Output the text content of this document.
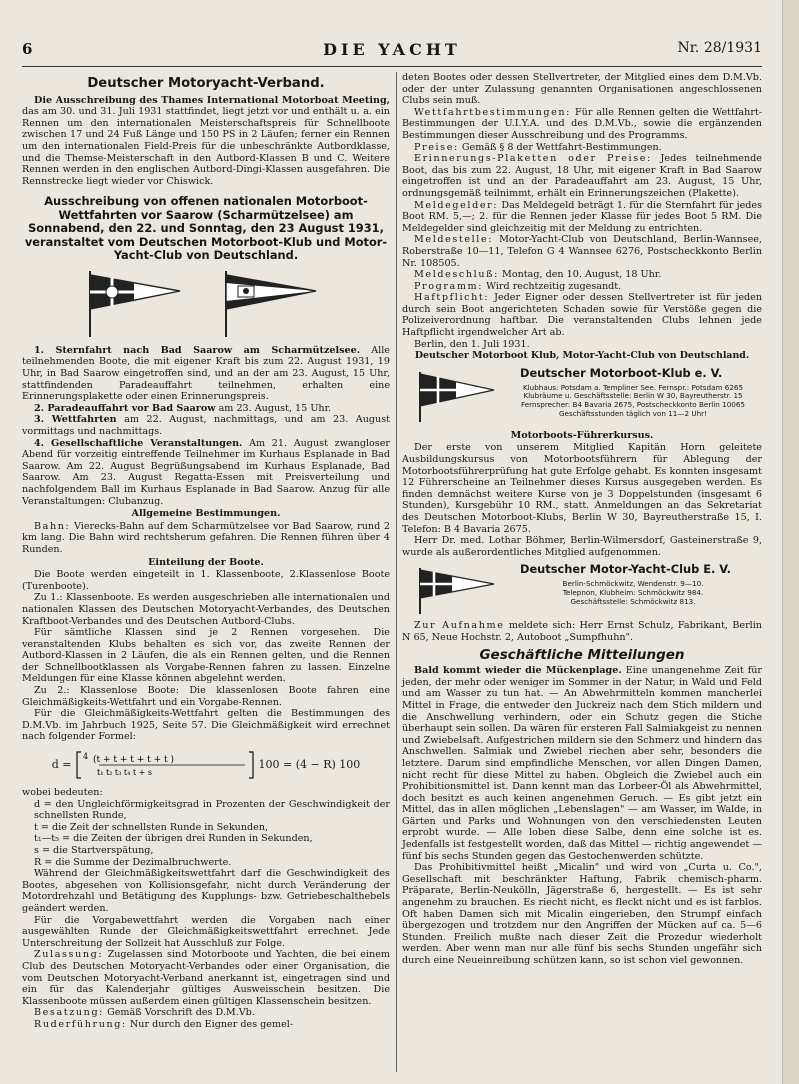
6	DIE YACHT	Nr. 28/1931
Deutscher Motoryacht-Verband.

Die Ausschreibung des Thames International Motorboat Meeting, das am 30. und 31. Juli 1931 stattfindet, liegt jetzt vor und enthält u. a. ein Rennen um den internationalen Meisterschaftspreis für Schnellboote zwischen 17 und 24 Fuß Länge und 150 PS in 2 Läufen; ferner ein Rennen um den internationalen Field-Preis für die unbeschränkte Autbordklasse, und die Themse-Meisterschaft in den Autbord-Klassen B und C. Weitere Rennen werden in den englischen Autbord-Dingi-Klassen ausgefahren. Die Rennstrecke liegt wieder vor Chiswick.

Ausschreibung von offenen nationalen Motorboot-Wettfahrten vor Saarow (Scharmützelsee) am Sonnabend, den 22. und Sonntag, den 23 August 1931, veranstaltet vom Deutschen Motorboot-Klub und Motor-Yacht-Club von Deutschland.

1. Sternfahrt nach Bad Saarow am Scharmützelsee. Alle teilnehmenden Boote, die mit eigener Kraft bis zum 22. August 1931, 19 Uhr, in Bad Saarow eingetroffen sind, und an der am 23. August, 15 Uhr, stattfindenden Paradeauffahrt teilnehmen, erhalten eine Erinnerungsplakette oder einen Erinnerungspreis.

2. Paradeauffahrt vor Bad Saarow am 23. August, 15 Uhr.

3. Wettfahrten am 22. August, nachmittags, und am 23. August vormittags und nachmittags.

4. Gesellschaftliche Veranstaltungen. Am 21. August zwangloser Abend für vorzeitig eintreffende Teilnehmer im Kurhaus Esplanade in Bad Saarow. Am 22. August Begrüßungsabend im Kurhaus Esplanade, Bad Saarow. Am 23. August Regatta-Essen mit Preisverteilung und nachfolgendem Ball im Kurhaus Esplanade in Bad Saarow. Anzug für alle Veranstaltungen: Clubanzug.

Allgemeine Bestimmungen.

Bahn: Vierecks-Bahn auf dem Scharmützelsee vor Bad Saarow, rund 2 km lang. Die Bahn wird rechtsherum gefahren. Die Rennen führen über 4 Runden.

Einteilung der Boote.

Die Boote werden eingeteilt in 1. Klassenboote, 2.Klassenlose Boote (Turenboote).

Zu 1.: Klassenboote. Es werden ausgeschrieben alle internationalen und nationalen Klassen des Deutschen Motoryacht-Verbandes, des Deutschen Kraftboot-Verbandes und des Deutschen Autbord-Clubs.

Für sämtliche Klassen sind je 2 Rennen vorgesehen. Die veranstaltenden Klubs behalten es sich vor, das zweite Rennen der Autbord-Klassen in 2 Läufen, die als ein Rennen gelten, und die Rennen der Schnellbootklassen als Vorgabe-Rennen fahren zu lassen. Einzelne Meldungen für eine Klasse können abgelehnt werden.

Zu 2.: Klassenlose Boote: Die klassenlosen Boote fahren eine Gleichmäßigkeits-Wettfahrt und ein Vorgabe-Rennen.

Für die Gleichmäßigkeits-Wettfahrt gelten die Bestimmungen des D.M.Vb. im Jahrbuch 1925, Seite 57. Die Gleichmäßigkeit wird errechnet nach folgender Formel:

d =
4 (t + t + t + t + t )
t₁ t₂ t₃ t₄ t + s
100 = (4 − R) 100

wobei bedeuten:

d = den Ungleichförmigkeitsgrad in Prozenten der Geschwindigkeit der schnellsten Runde,

t = die Zeit der schnellsten Runde in Sekunden,

t₁—t₅ = die Zeiten der übrigen drei Runden in Sekunden,

s = die Startverspätung,

R = die Summe der Dezimalbruchwerte.

Während der Gleichmäßigkeitswettfahrt darf die Geschwindigkeit des Bootes, abgesehen von Kollisionsgefahr, nicht durch Veränderung der Motordrehzahl und Betätigung des Kupplungs- bzw. Getriebeschalthebels geändert werden.

Für die Vorgabewettfahrt werden die Vorgaben nach einer ausgewählten Runde der Gleichmäßigkeitswettfahrt errechnet. Jede Unterschreitung der Sollzeit hat Ausschluß zur Folge.

Zulassung: Zugelassen sind Motorboote und Yachten, die bei einem Club des Deutschen Motoryacht-Verbandes oder einer Organisation, die vom Deutschen Motoryacht-Verband anerkannt ist, eingetragen sind und ein für das Kalenderjahr gültiges Ausweisschein besitzen. Die Klassenboote müssen außerdem einen gültigen Klassenschein besitzen.

Besatzung: Gemäß Vorschrift des D.M.Vb.

Ruderführung: Nur durch den Eigner des gemel-

deten Bootes oder dessen Stellvertreter, der Mitglied eines dem D.M.Vb. oder der unter Zulassung genannten Organisationen angeschlossenen Clubs sein muß.

Wettfahrtbestimmungen: Für alle Rennen gelten die Wettfahrt-Bestimmungen der U.I.Y.A. und des D.M.Vb., sowie die ergänzenden Bestimmungen dieser Ausschreibung und des Programms.

Preise: Gemäß § 8 der Wettfahrt-Bestimmungen.

Erinnerungs-Plaketten oder Preise: Jedes teilnehmende Boot, das bis zum 22. August, 18 Uhr, mit eigener Kraft in Bad Saarow eingetroffen ist und an der Paradeauffahrt am 23. August, 15 Uhr, ordnungsgemäß teilnimmt, erhält ein Erinnerungszeichen (Plakette).

Meldegelder: Das Meldegeld beträgt 1. für die Sternfahrt für jedes Boot RM. 5,—; 2. für die Rennen jeder Klasse für jedes Boot 5 RM. Die Meldegelder sind gleichzeitig mit der Meldung zu entrichten.

Meldestelle: Motor-Yacht-Club von Deutschland, Berlin-Wannsee, Roberstraße 10—11, Telefon G 4 Wannsee 6276, Postscheckkonto Berlin Nr. 108505.

Meldeschluß: Montag, den 10. August, 18 Uhr.

Programm: Wird rechtzeitig zugesandt.

Haftpflicht: Jeder Eigner oder dessen Stellvertreter ist für jeden durch sein Boot angerichteten Schaden sowie für Verstöße gegen die Polizeiverordnung haftbar. Die veranstaltenden Clubs lehnen jede Haftpflicht irgendwelcher Art ab.

Berlin, den 1. Juli 1931.

Deutscher Motorboot Klub, Motor-Yacht-Club von Deutschland.

Deutscher Motorboot-Klub e. V.
Klubhaus: Potsdam a. Templiner See. Fernspr.: Potsdam 6265
Klubräume u. Geschäftsstelle: Berlin W 30, Bayreutherstr. 15
Fernsprecher: B4 Bavaria 2675, Postscheckkonto Berlin 10065
Geschäftsstunden täglich von 11—2 Uhr!
Motorboots-Führerkursus.

Der erste von unserem Mitglied Kapitän Horn geleitete Ausbildungskursus von Motorbootsführern für Ablegung der Motorbootsführerprüfung hat gute Erfolge gehabt. Es konnten insgesamt 12 Führerscheine an Teilnehmer dieses Kursus ausgegeben werden. Es finden demnächst weitere Kurse von je 3 Doppelstunden (insgesamt 6 Stunden), Kursgebühr 10 RM., statt. Anmeldungen an das Sekretariat des Deutschen Motorboot-Klubs, Berlin W 30, Bayreutherstraße 15, I. Telefon: B 4 Bavaria 2675.

Herr Dr. med. Lothar Böhmer, Berlin-Wilmersdorf, Gasteinerstraße 9, wurde als außerordentliches Mitglied aufgenommen.

Deutscher Motor-Yacht-Club E. V.
Berlin-Schmöckwitz, Wendenstr. 9—10.
Telepnon, Klubheim: Schmöckwitz 984.
Geschäftsstelle: Schmöckwitz 813.

Zur Aufnahme meldete sich: Herr Ernst Schulz, Fabrikant, Berlin N 65, Neue Hochstr. 2, Autoboot „Sumpfhuhn".

Geschäftliche Mitteilungen

Bald kommt wieder die Mückenplage. Eine unangenehme Zeit für jeden, der mehr oder weniger im Sommer in der Natur, in Wald und Feld und am Wasser zu tun hat. — An Abwehrmitteln kommen mancherlei Mittel in Frage, die entweder den Juckreiz nach dem Stich mildern und die Anschwellung verhindern, oder ein Schutz gegen die Stiche überhaupt sein sollen. Da wären für ersteren Fall Salmiakgeist zu nennen und Zwiebelsaft. Aufgestrichen mildern sie den Schmerz und hindern das Anschwellen. Salmiak und Zwiebel riechen aber sehr, besonders die letztere. Darum sind empfindliche Menschen, vor allen Dingen Damen, nicht recht für diese Mittel zu haben. Obgleich die Zwiebel auch ein Prohibitionsmittel ist. Dann kennt man das Lorbeer-Öl als Abwehrmittel, doch besitzt es auch keinen angenehmen Geruch. — Es gibt jetzt ein Mittel, das in allen möglichen „Lebenslagen" — am Wasser, im Walde, in Gärten und Parks und Wohnungen von den verschiedensten Leuten erprobt wurde. — Alle loben diese Salbe, denn eine solche ist es. Jedenfalls ist festgestellt worden, daß das Mittel — richtig angewendet — fünf bis sechs Stunden gegen das Gestochenwerden schützte.

Das Prohibitivmittel heißt „Micalin" und wird von „Curta u. Co.", Gesellschaft mit beschränkter Haftung, Fabrik chemisch-pharm. Präparate, Berlin-Neukölln, Jägerstraße 6, hergestellt. — Es ist sehr angenehm zu brauchen. Es riecht nicht, es fleckt nicht und es ist farblos. Oft haben Damen sich mit Micalin eingerieben, den Strumpf einfach übergezogen und trotzdem nur den Angriffen der Mücken auf ca. 5—6 Stunden. Freilich mußte nach dieser Zeit die Prozedur wiederholt werden. Aber wenn man nur alle fünf bis sechs Stunden ungefähr sich durch eine Neueinreibung schützen kann, so ist schon viel gewonnen.
